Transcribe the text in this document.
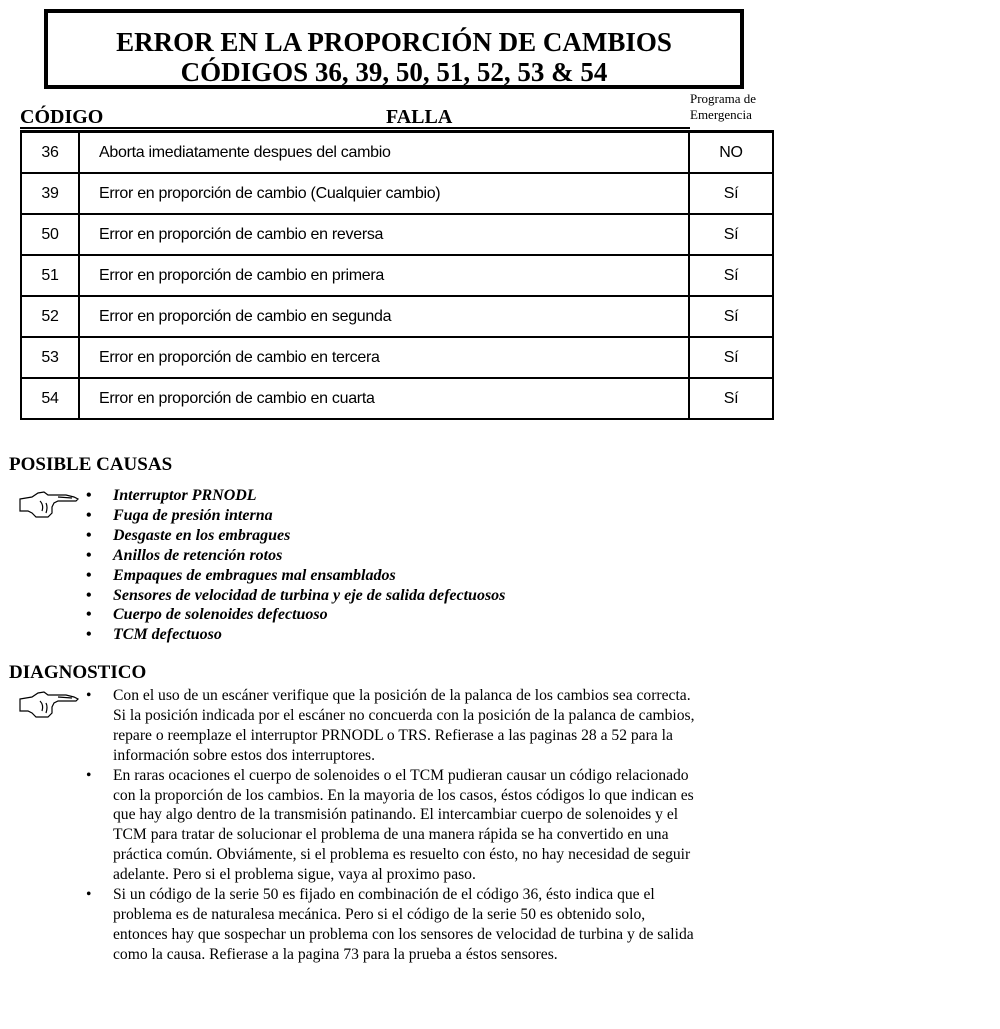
ERROR EN LA PROPORCIÓN DE CAMBIOS
CÓDIGOS 36, 39, 50, 51, 52, 53 & 54
CÓDIGO	FALLA
Programa de
Emergencia
36	Aborta imediatamente despues del cambio	NO
39	Error en proporción de cambio (Cualquier cambio)	Sí
50	Error en proporción de cambio en reversa	Sí
51	Error en proporción de cambio en primera	Sí
52	Error en proporción de cambio en segunda	Sí
53	Error en proporción de cambio en tercera	Sí
54	Error en proporción de cambio en cuarta	Sí
POSIBLE CAUSAS
• Interruptor PRNODL
• Fuga de presión interna
• Desgaste en los embragues
• Anillos de retención rotos
• Empaques de embragues mal ensamblados
• Sensores de velocidad de turbina y eje de salida defectuosos
• Cuerpo de solenoides defectuoso
• TCM defectuoso
DIAGNOSTICO
• Con el uso de un escáner verifique que la posición de la palanca de los cambios sea correcta. Si la posición indicada por el escáner no concuerda con la posición de la palanca de cambios, repare o reemplaze el interruptor PRNODL o TRS. Refierase a las paginas 28 a 52 para la información sobre estos dos interruptores.
• En raras ocaciones el cuerpo de solenoides o el TCM pudieran causar un código relacionado con la proporción de los cambios. En la mayoria de los casos, éstos códigos lo que indican es que hay algo dentro de la transmisión patinando. El intercambiar cuerpo de solenoides y el TCM para tratar de solucionar el problema de una manera rápida se ha convertido en una práctica común. Obviámente, si el problema es resuelto con ésto, no hay necesidad de seguir adelante. Pero si el problema sigue, vaya al proximo paso.
• Si un código de la serie 50 es fijado en combinación de el código 36, ésto indica que el problema es de naturalesa mecánica. Pero si el código de la serie 50 es obtenido solo, entonces hay que sospechar un problema con los sensores de velocidad de turbina y de salida como la causa. Refierase a la pagina 73 para la prueba a éstos sensores.
